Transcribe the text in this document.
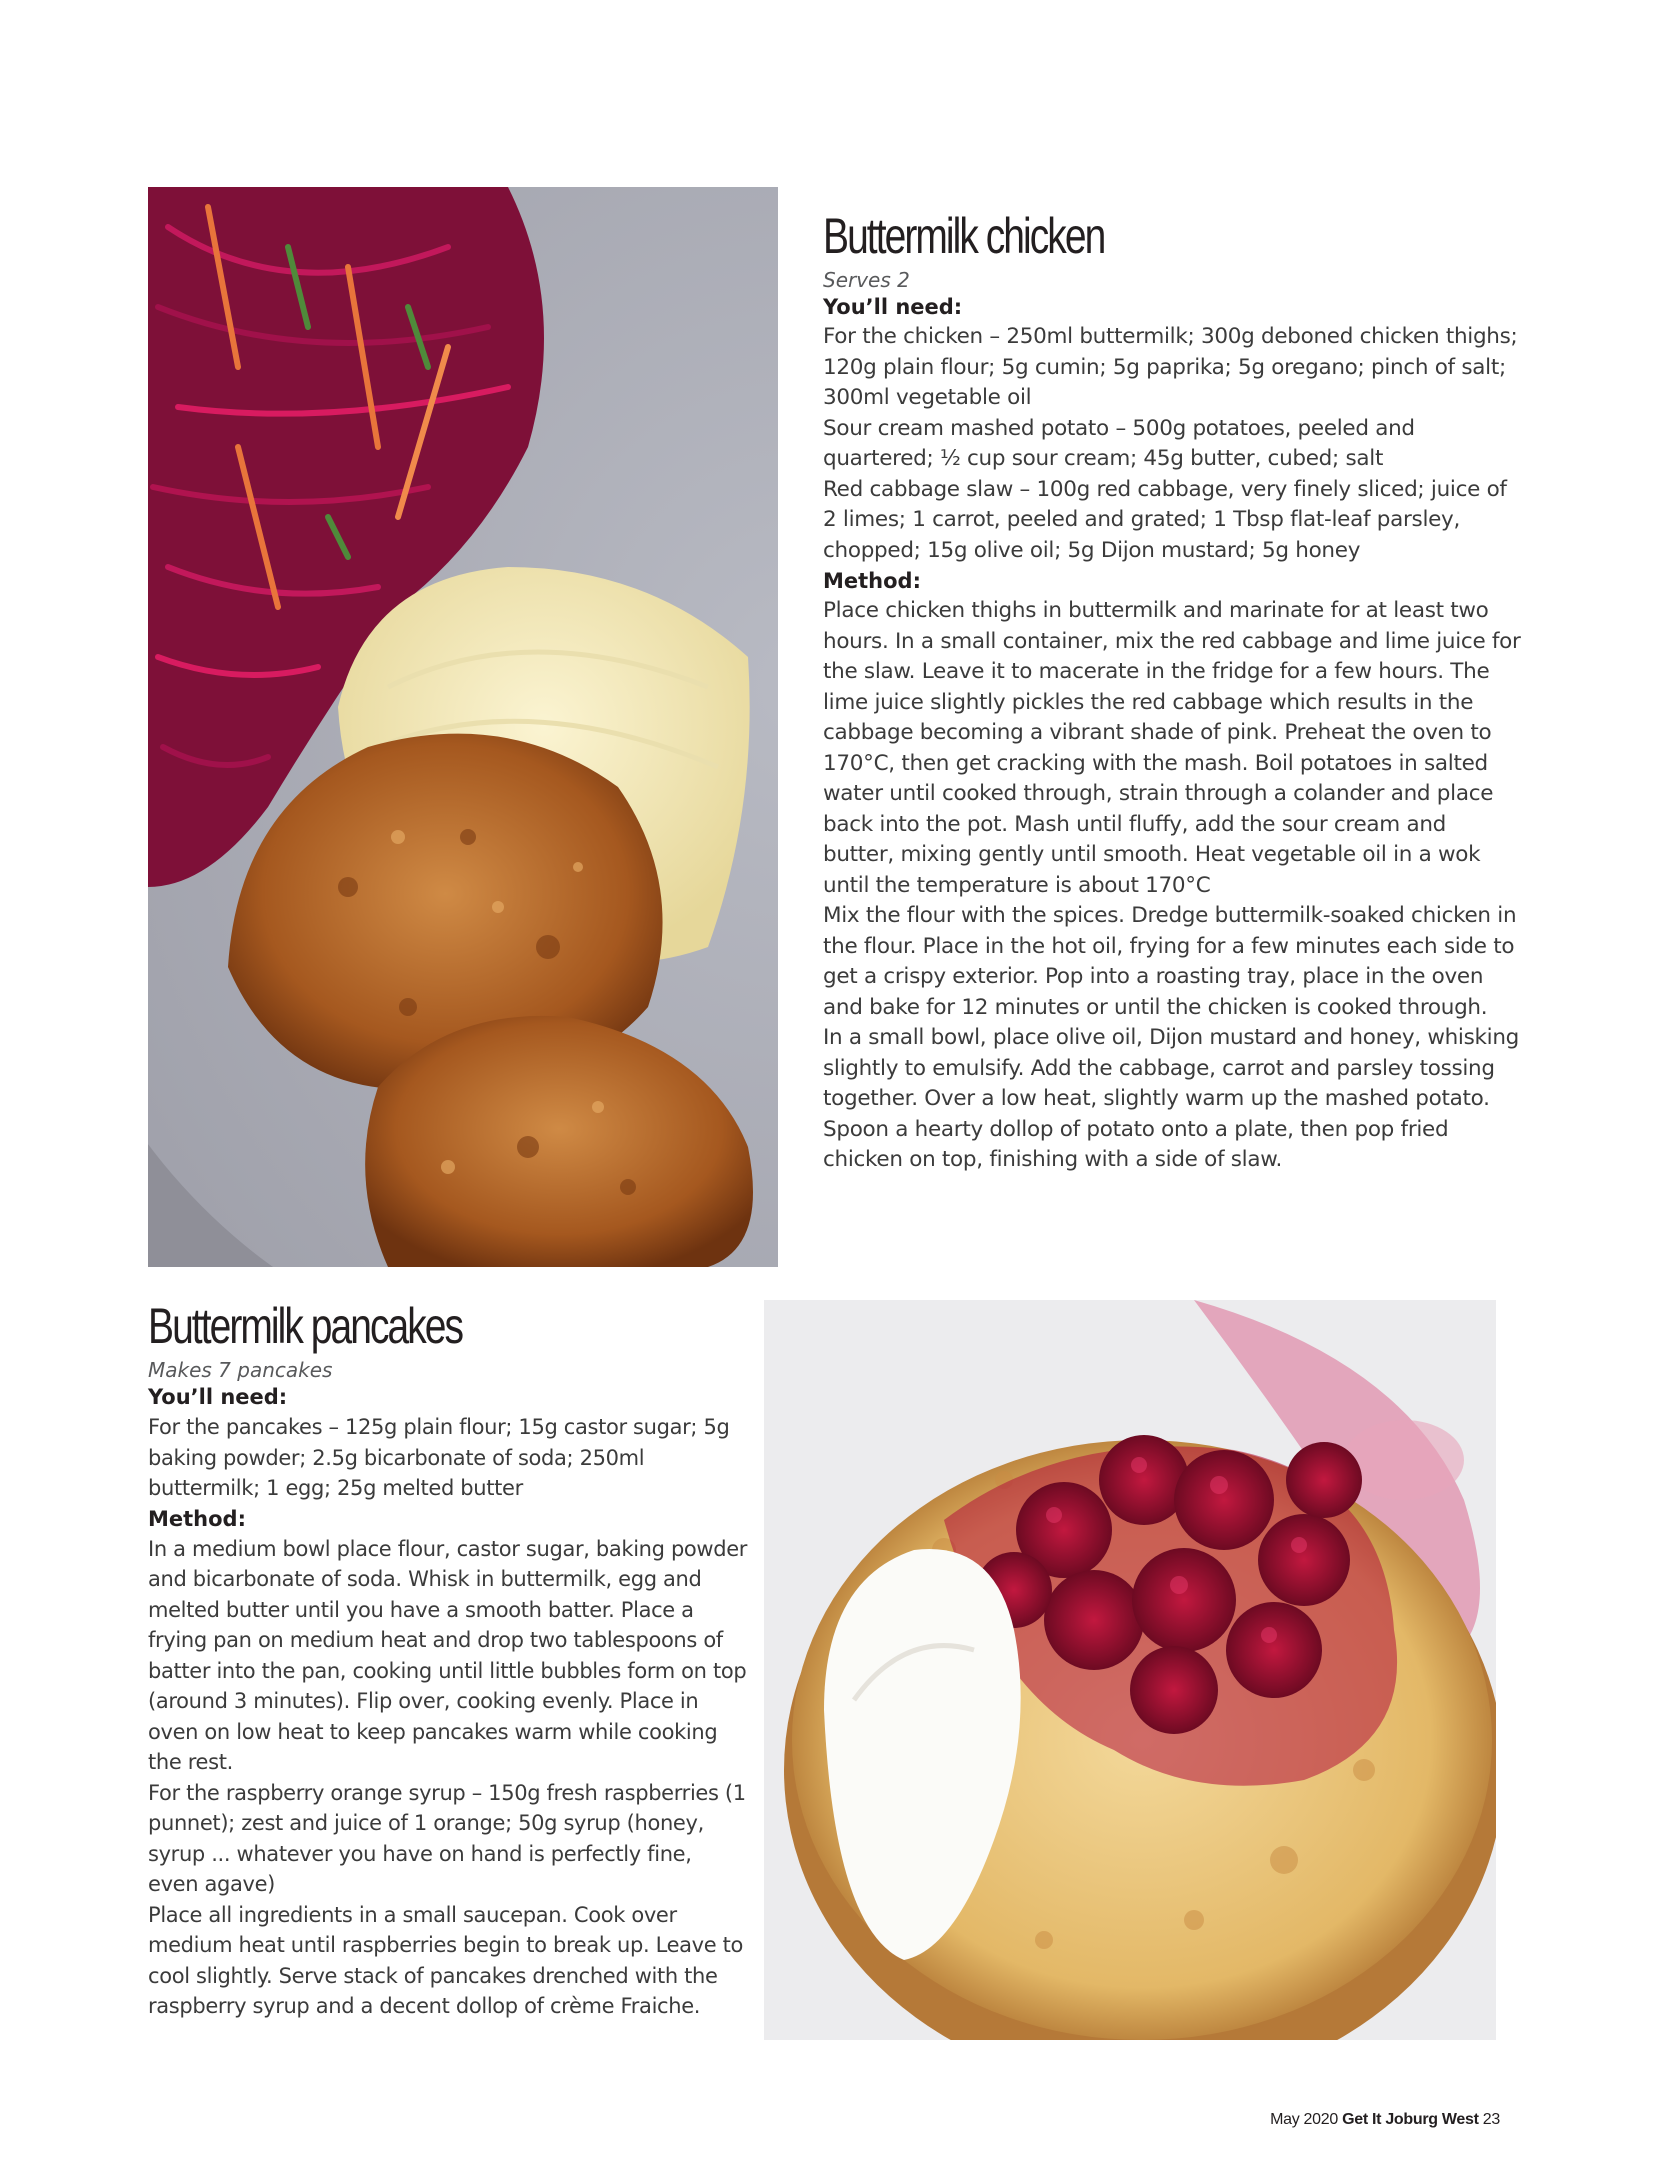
Buttermilk chicken

Serves 2

You’ll need:

For the chicken – 250ml buttermilk; 300g deboned chicken thighs; 120g plain flour; 5g cumin; 5g paprika; 5g oregano; pinch of salt; 300ml vegetable oil

Sour cream mashed potato – 500g potatoes, peeled and quartered; ½ cup sour cream; 45g butter, cubed; salt

Red cabbage slaw – 100g red cabbage, very finely sliced; juice of 2 limes; 1 carrot, peeled and grated; 1 Tbsp flat-leaf parsley, chopped; 15g olive oil; 5g Dijon mustard; 5g honey

Method:

Place chicken thighs in buttermilk and marinate for at least two hours. In a small container, mix the red cabbage and lime juice for the slaw. Leave it to macerate in the fridge for a few hours. The lime juice slightly pickles the red cabbage which results in the cabbage becoming a vibrant shade of pink. Preheat the oven to 170°C, then get cracking with the mash. Boil potatoes in salted water until cooked through, strain through a colander and place back into the pot. Mash until fluffy, add the sour cream and butter, mixing gently until smooth. Heat vegetable oil in a wok until the temperature is about 170°C

Mix the flour with the spices. Dredge buttermilk-soaked chicken in the flour. Place in the hot oil, frying for a few minutes each side to get a crispy exterior. Pop into a roasting tray, place in the oven and bake for 12 minutes or until the chicken is cooked through.

In a small bowl, place olive oil, Dijon mustard and honey, whisking slightly to emulsify. Add the cabbage, carrot and parsley tossing together. Over a low heat, slightly warm up the mashed potato. Spoon a hearty dollop of potato onto a plate, then pop fried chicken on top, finishing with a side of slaw.

Buttermilk pancakes

Makes 7 pancakes

You’ll need:

For the pancakes – 125g plain flour; 15g castor sugar; 5g baking powder; 2.5g bicarbonate of soda; 250ml buttermilk; 1 egg; 25g melted butter

Method:

In a medium bowl place flour, castor sugar, baking powder and bicarbonate of soda. Whisk in buttermilk, egg and melted butter until you have a smooth batter. Place a frying pan on medium heat and drop two tablespoons of batter into the pan, cooking until little bubbles form on top (around 3 minutes). Flip over, cooking evenly. Place in oven on low heat to keep pancakes warm while cooking the rest.

For the raspberry orange syrup – 150g fresh raspberries (1 punnet); zest and juice of 1 orange; 50g syrup (honey, syrup ... whatever you have on hand is perfectly fine, even agave)

Place all ingredients in a small saucepan. Cook over medium heat until raspberries begin to break up. Leave to cool slightly. Serve stack of pancakes drenched with the raspberry syrup and a decent dollop of crème Fraiche.

May 2020 Get It Joburg West 23
